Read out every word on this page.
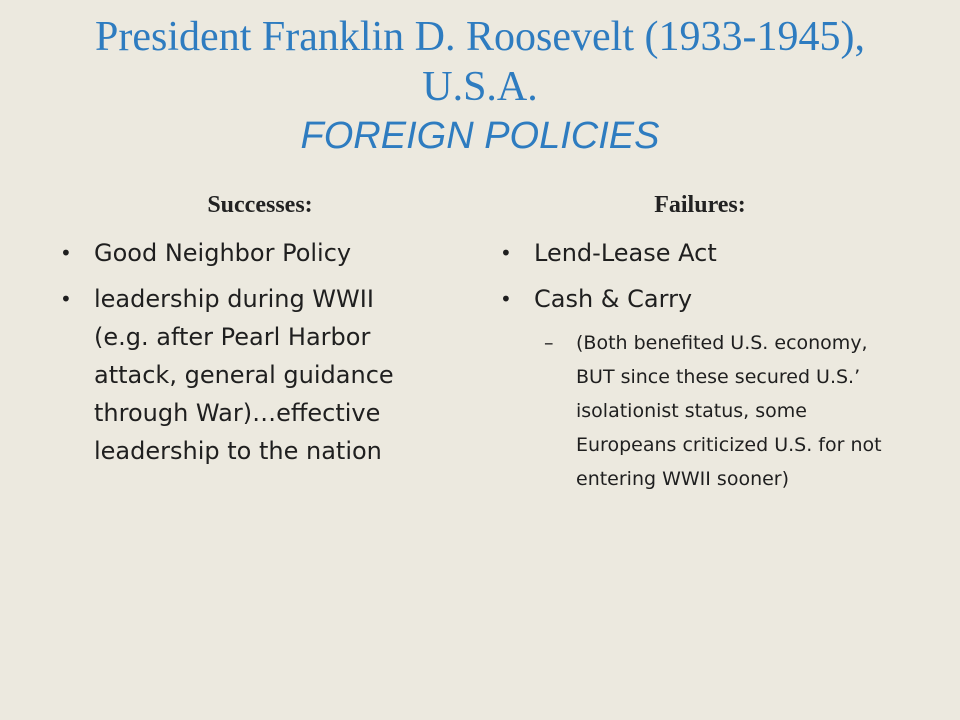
President Franklin D. Roosevelt (1933-1945),
U.S.A.
FOREIGN POLICIES
Successes:	Failures:
• Good Neighbor Policy
• leadership during WWII (e.g. after Pearl Harbor attack, general guidance through War)…effective leadership to the nation
• Lend-Lease Act
• Cash & Carry
– (Both benefited U.S. economy, BUT since these secured U.S.’ isolationist status, some Europeans criticized U.S. for not entering WWII sooner)
